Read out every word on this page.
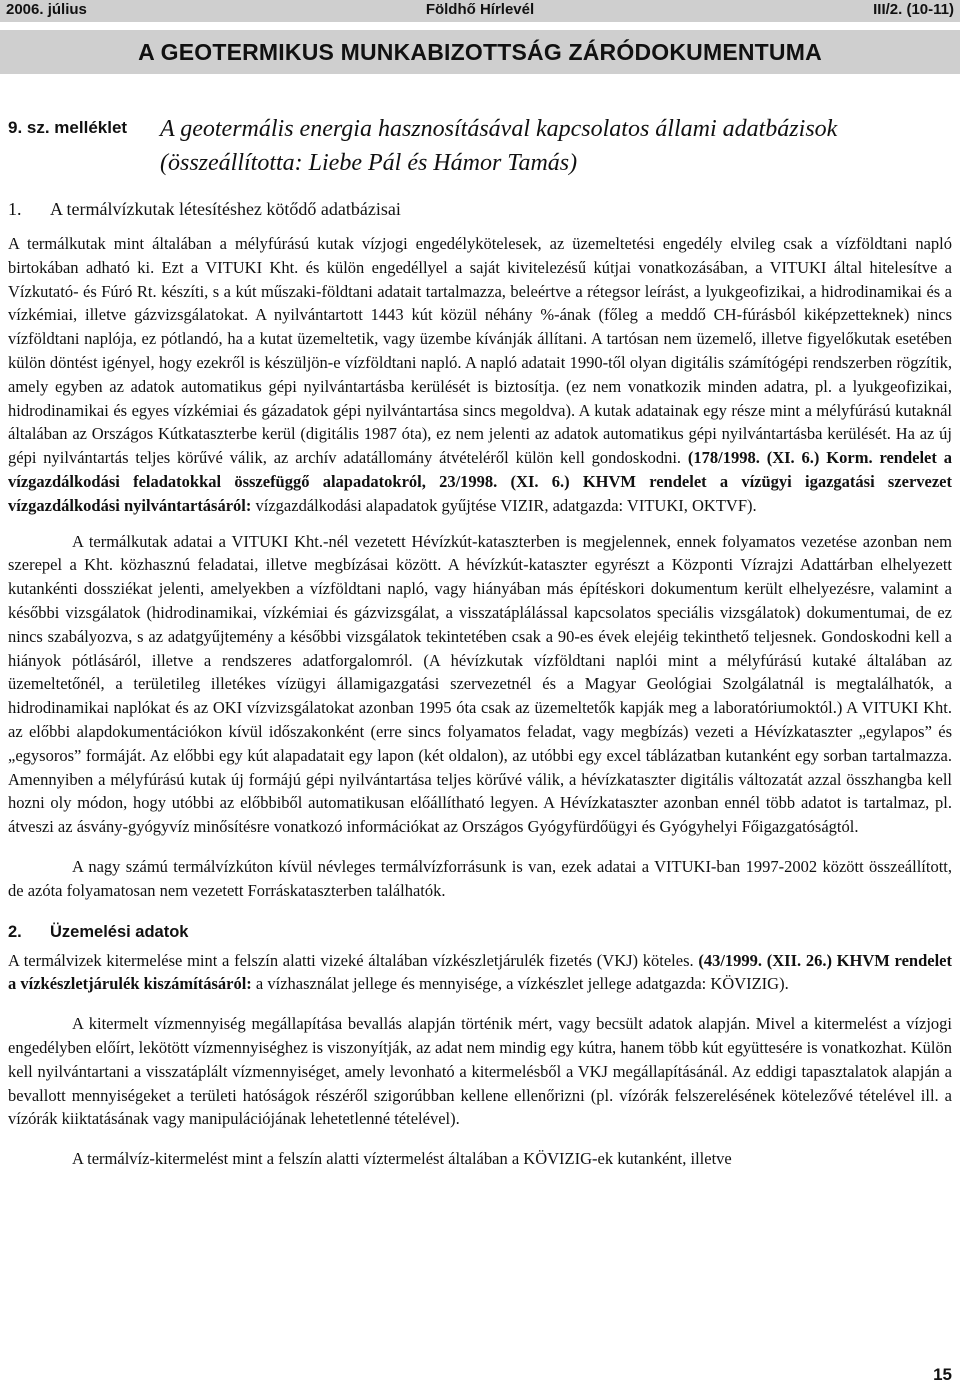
2006. július	Földhő Hírlevél	III/2. (10-11)
A GEOTERMIKUS MUNKABIZOTTSÁG ZÁRÓDOKUMENTUMA
9. sz. melléklet A geotermális energia hasznosításával kapcsolatos állami adatbázisok
(összeállította: Liebe Pál és Hámor Tamás)
1. A termálvízkutak létesítéshez kötődő adatbázisai

A termálkutak mint általában a mélyfúrású kutak vízjogi engedélykötelesek, az üzemeltetési engedély elvileg csak a vízföldtani napló birtokában adható ki. Ezt a VITUKI Kht. és külön engedéllyel a saját kivitelezésű kútjai vonatkozásában, a VITUKI által hitelesítve a Vízkutató- és Fúró Rt. készíti, s a kút műszaki-földtani adatait tartalmazza, beleértve a rétegsor leírást, a lyukgeofizikai, a hidrodinamikai és a vízkémiai, illetve gázvizsgálatokat. A nyilvántartott 1443 kút közül néhány %-ának (főleg a meddő CH-fúrásból kiképzetteknek) nincs vízföldtani naplója, ez pótlandó, ha a kutat üzemeltetik, vagy üzembe kívánják állítani. A tartósan nem üzemelő, illetve figyelőkutak esetében külön döntést igényel, hogy ezekről is készüljön-e vízföldtani napló. A napló adatait 1990-től olyan digitális számítógépi rendszerben rögzítik, amely egyben az adatok automatikus gépi nyilvántartásba kerülését is biztosítja. (ez nem vonatkozik minden adatra, pl. a lyukgeofizikai, hidrodinamikai és egyes vízkémiai és gázadatok gépi nyilvántartása sincs megoldva). A kutak adatainak egy része mint a mélyfúrású kutaknál általában az Országos Kútkataszterbe kerül (digitális 1987 óta), ez nem jelenti az adatok automatikus gépi nyilvántartásba kerülését. Ha az új gépi nyilvántartás teljes körűvé válik, az archív adatállomány átvételéről külön kell gondoskodni. (178/1998. (XI. 6.) Korm. rendelet a vízgazdálkodási feladatokkal összefüggő alapadatokról, 23/1998. (XI. 6.) KHVM rendelet a vízügyi igazgatási szervezet vízgazdálkodási nyilvántartásáról: vízgazdálkodási alapadatok gyűjtése VIZIR, adatgazda: VITUKI, OKTVF).

A termálkutak adatai a VITUKI Kht.-nél vezetett Hévízkút-kataszterben is megjelennek, ennek folyamatos vezetése azonban nem szerepel a Kht. közhasznú feladatai, illetve megbízásai között. A hévízkút-kataszter egyrészt a Központi Vízrajzi Adattárban elhelyezett kutankénti dossziékat jelenti, amelyekben a vízföldtani napló, vagy hiányában más építéskori dokumentum került elhelyezésre, valamint a későbbi vizsgálatok (hidrodinamikai, vízkémiai és gázvizsgálat, a visszatáplálással kapcsolatos speciális vizsgálatok) dokumentumai, de ez nincs szabályozva, s az adatgyűjtemény a későbbi vizsgálatok tekintetében csak a 90-es évek elejéig tekinthető teljesnek. Gondoskodni kell a hiányok pótlásáról, illetve a rendszeres adatforgalomról. (A hévízkutak vízföldtani naplói mint a mélyfúrású kutaké általában az üzemeltetőnél, a területileg illetékes vízügyi államigazgatási szervezetnél és a Magyar Geológiai Szolgálatnál is megtalálhatók, a hidrodinamikai naplókat és az OKI vízvizsgálatokat azonban 1995 óta csak az üzemeltetők kapják meg a laboratóriumoktól.) A VITUKI Kht. az előbbi alapdokumentációkon kívül időszakonként (erre sincs folyamatos feladat, vagy megbízás) vezeti a Hévízkataszter „egylapos” és „egysoros” formáját. Az előbbi egy kút alapadatait egy lapon (két oldalon), az utóbbi egy excel táblázatban kutanként egy sorban tartalmazza. Amennyiben a mélyfúrású kutak új formájú gépi nyilvántartása teljes körűvé válik, a hévízkataszter digitális változatát azzal összhangba kell hozni oly módon, hogy utóbbi az előbbiből automatikusan előállítható legyen. A Hévízkataszter azonban ennél több adatot is tartalmaz, pl. átveszi az ásvány-gyógyvíz minősítésre vonatkozó információkat az Országos Gyógyfürdőügyi és Gyógyhelyi Főigazgatóságtól.

A nagy számú termálvízkúton kívül névleges termálvízforrásunk is van, ezek adatai a VITUKI-ban 1997-2002 között összeállított, de azóta folyamatosan nem vezetett Forráskataszterben találhatók.

2. Üzemelési adatok

A termálvizek kitermelése mint a felszín alatti vizeké általában vízkészletjárulék fizetés (VKJ) köteles. (43/1999. (XII. 26.) KHVM rendelet a vízkészletjárulék kiszámításáról: a vízhasználat jellege és mennyisége, a vízkészlet jellege adatgazda: KÖVIZIG).

A kitermelt vízmennyiség megállapítása bevallás alapján történik mért, vagy becsült adatok alapján. Mivel a kitermelést a vízjogi engedélyben előírt, lekötött vízmennyiséghez is viszonyítják, az adat nem mindig egy kútra, hanem több kút együttesére is vonatkozhat. Külön kell nyilvántartani a visszatáplált vízmennyiséget, amely levonható a kitermelésből a VKJ megállapításánál. Az eddigi tapasztalatok alapján a bevallott mennyiségeket a területi hatóságok részéről szigorúbban kellene ellenőrizni (pl. vízórák felszerelésének kötelezővé tételével ill. a vízórák kiiktatásának vagy manipulációjának lehetetlenné tételével).

A termálvíz-kitermelést mint a felszín alatti víztermelést általában a KÖVIZIG-ek kutanként, illetve

15
